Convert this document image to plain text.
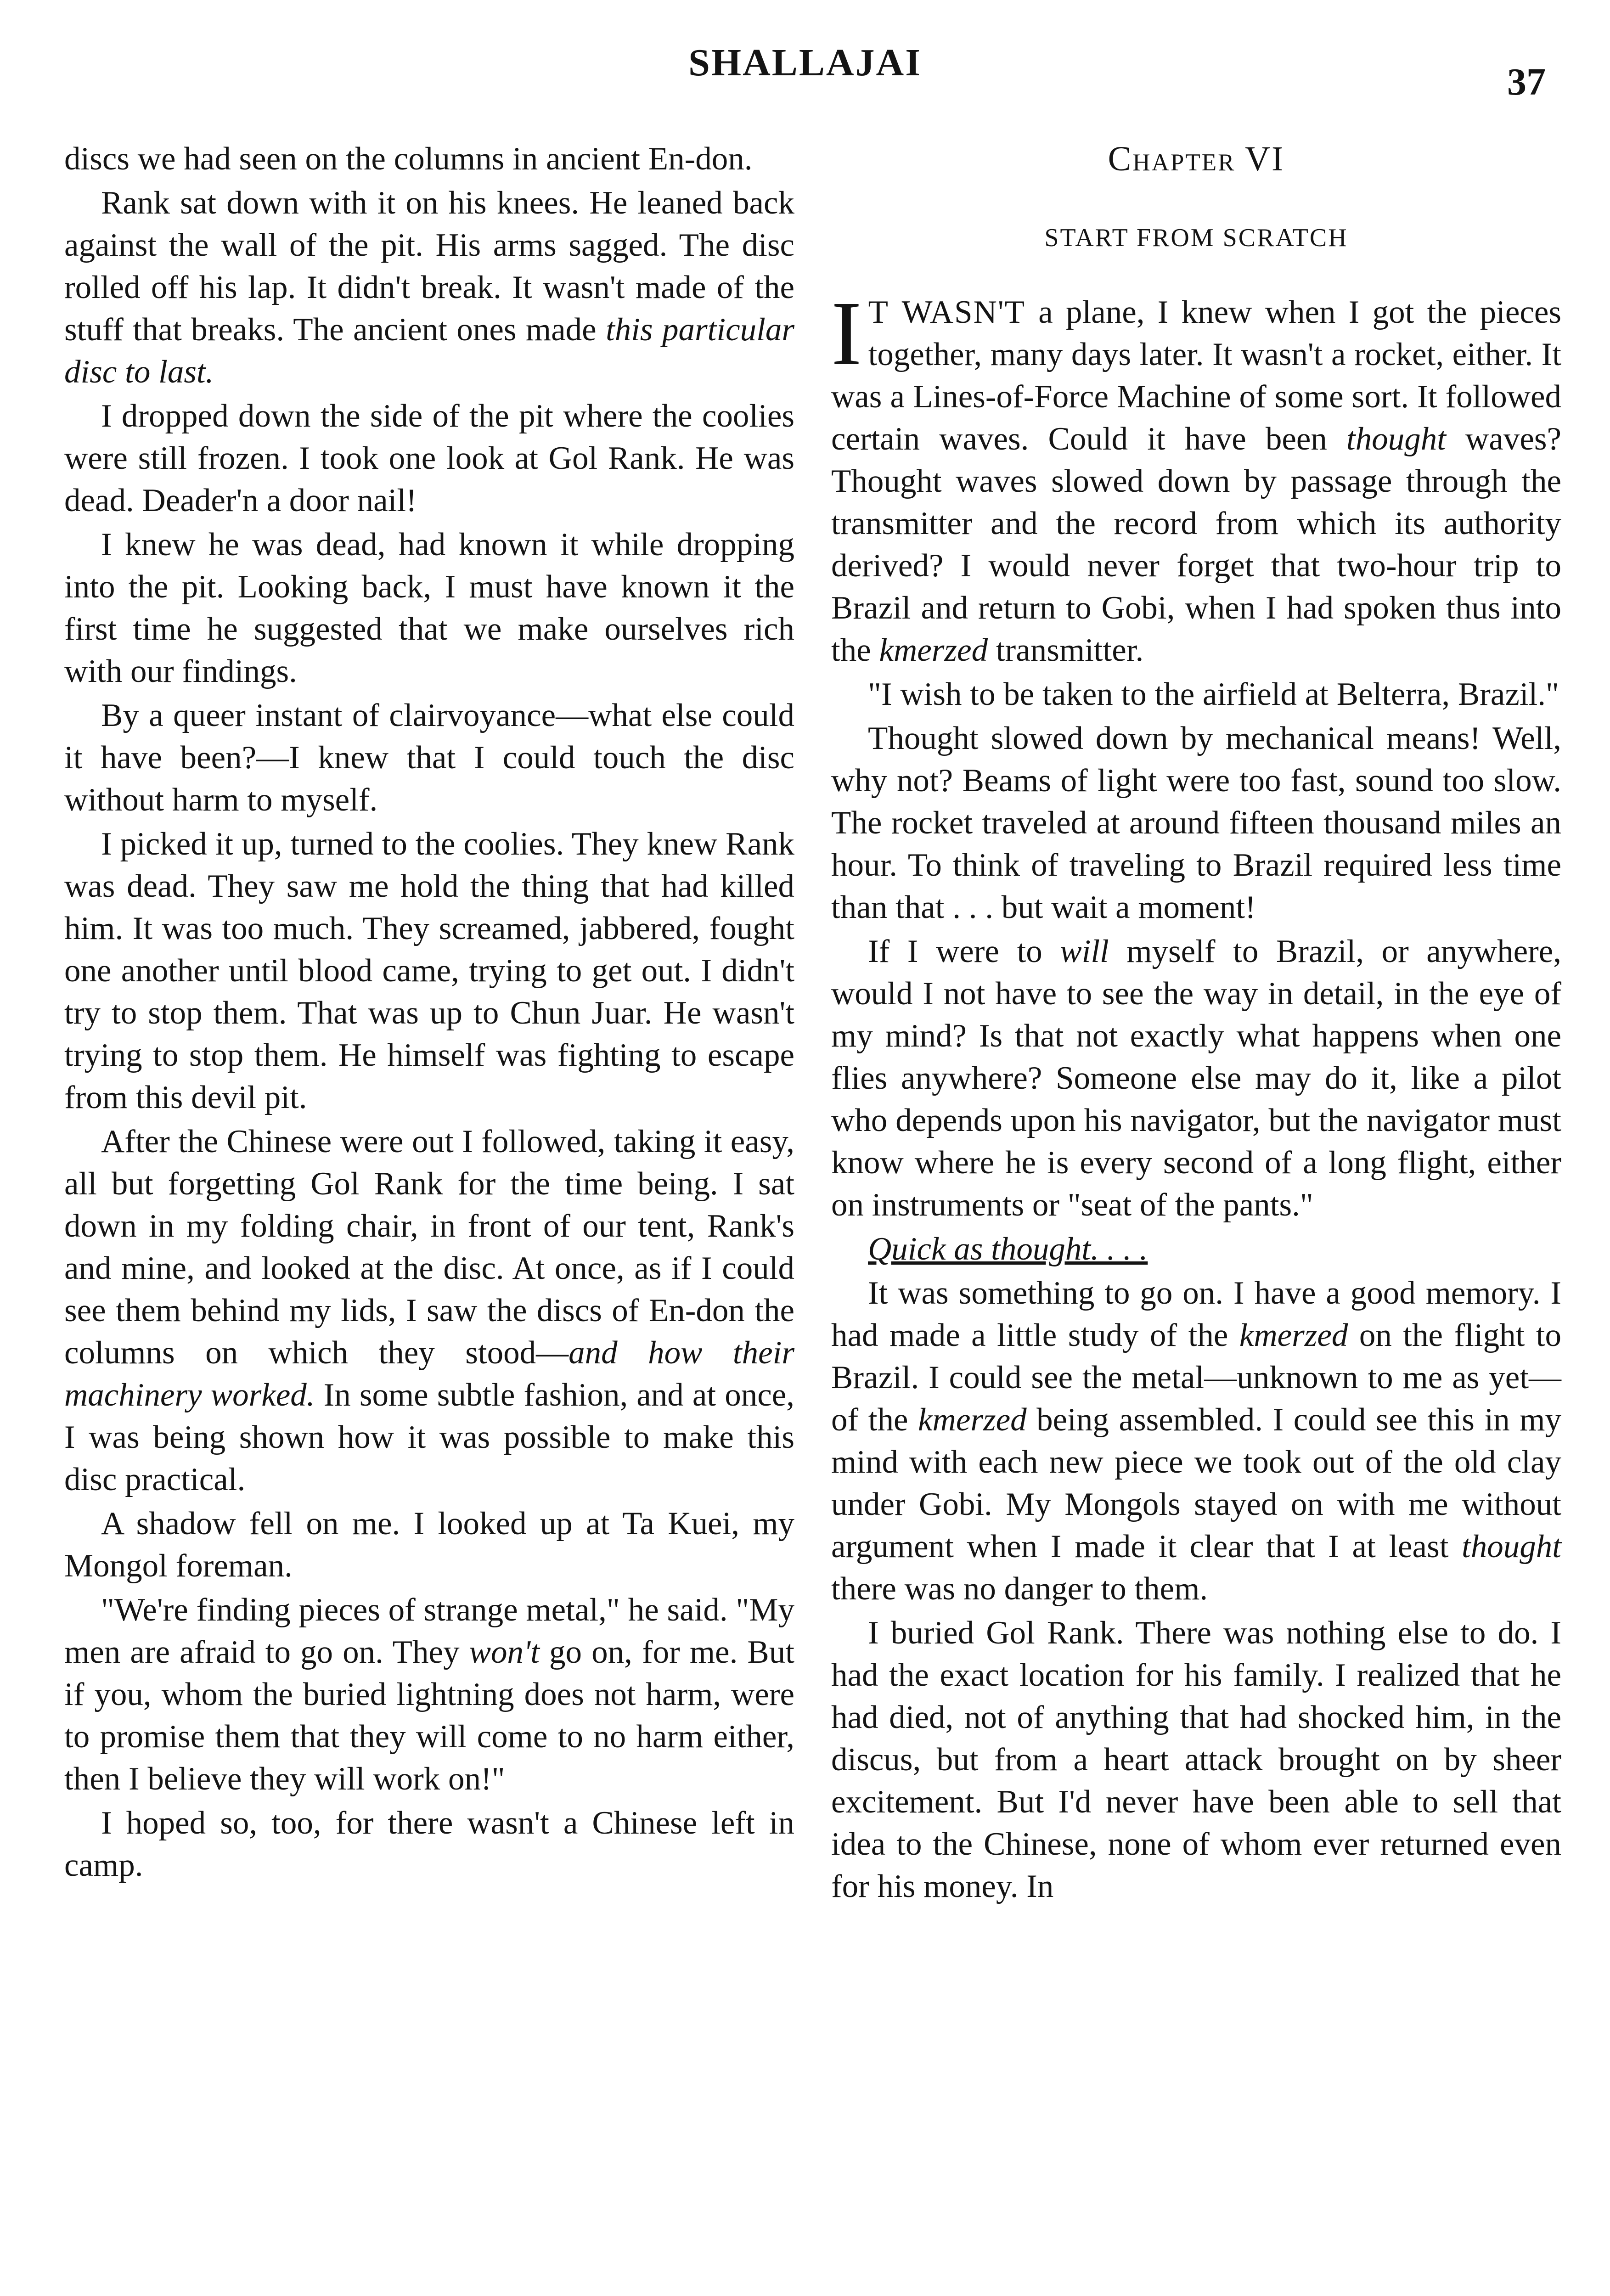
SHALLAJAI	37

discs we had seen on the columns in ancient En-don.

Rank sat down with it on his knees. He leaned back against the wall of the pit. His arms sagged. The disc rolled off his lap. It didn't break. It wasn't made of the stuff that breaks. The ancient ones made this particular disc to last.

I dropped down the side of the pit where the coolies were still frozen. I took one look at Gol Rank. He was dead. Deader'n a door nail!

I knew he was dead, had known it while dropping into the pit. Looking back, I must have known it the first time he suggested that we make ourselves rich with our findings.

By a queer instant of clairvoyance—what else could it have been?—I knew that I could touch the disc without harm to myself.

I picked it up, turned to the coolies. They knew Rank was dead. They saw me hold the thing that had killed him. It was too much. They screamed, jabbered, fought one another until blood came, trying to get out. I didn't try to stop them. That was up to Chun Juar. He wasn't trying to stop them. He himself was fighting to escape from this devil pit.

After the Chinese were out I followed, taking it easy, all but forgetting Gol Rank for the time being. I sat down in my folding chair, in front of our tent, Rank's and mine, and looked at the disc. At once, as if I could see them behind my lids, I saw the discs of En-don the columns on which they stood—and how their machinery worked. In some subtle fashion, and at once, I was being shown how it was possible to make this disc practical.

A shadow fell on me. I looked up at Ta Kuei, my Mongol foreman.

"We're finding pieces of strange metal," he said. "My men are afraid to go on. They won't go on, for me. But if you, whom the buried lightning does not harm, were to promise them that they will come to no harm either, then I believe they will work on!"

I hoped so, too, for there wasn't a Chinese left in camp.

Chapter VI
START FROM SCRATCH

I T WASN'T a plane, I knew when I got the pieces together, many days later. It wasn't a rocket, either. It was a Lines-of-Force Machine of some sort. It followed certain waves. Could it have been thought waves? Thought waves slowed down by passage through the transmitter and the record from which its authority derived? I would never forget that two-hour trip to Brazil and return to Gobi, when I had spoken thus into the kmerzed transmitter.

"I wish to be taken to the airfield at Belterra, Brazil."

Thought slowed down by mechanical means! Well, why not? Beams of light were too fast, sound too slow. The rocket traveled at around fifteen thousand miles an hour. To think of traveling to Brazil required less time than that . . . but wait a moment!

If I were to will myself to Brazil, or anywhere, would I not have to see the way in detail, in the eye of my mind? Is that not exactly what happens when one flies anywhere? Someone else may do it, like a pilot who depends upon his navigator, but the navigator must know where he is every second of a long flight, either on instruments or "seat of the pants."

Quick as thought. . . .

It was something to go on. I have a good memory. I had made a little study of the kmerzed on the flight to Brazil. I could see the metal—unknown to me as yet—of the kmerzed being assembled. I could see this in my mind with each new piece we took out of the old clay under Gobi. My Mongols stayed on with me without argument when I made it clear that I at least thought there was no danger to them.

I buried Gol Rank. There was nothing else to do. I had the exact location for his family. I realized that he had died, not of anything that had shocked him, in the discus, but from a heart attack brought on by sheer excitement. But I'd never have been able to sell that idea to the Chinese, none of whom ever returned even for his money. In
